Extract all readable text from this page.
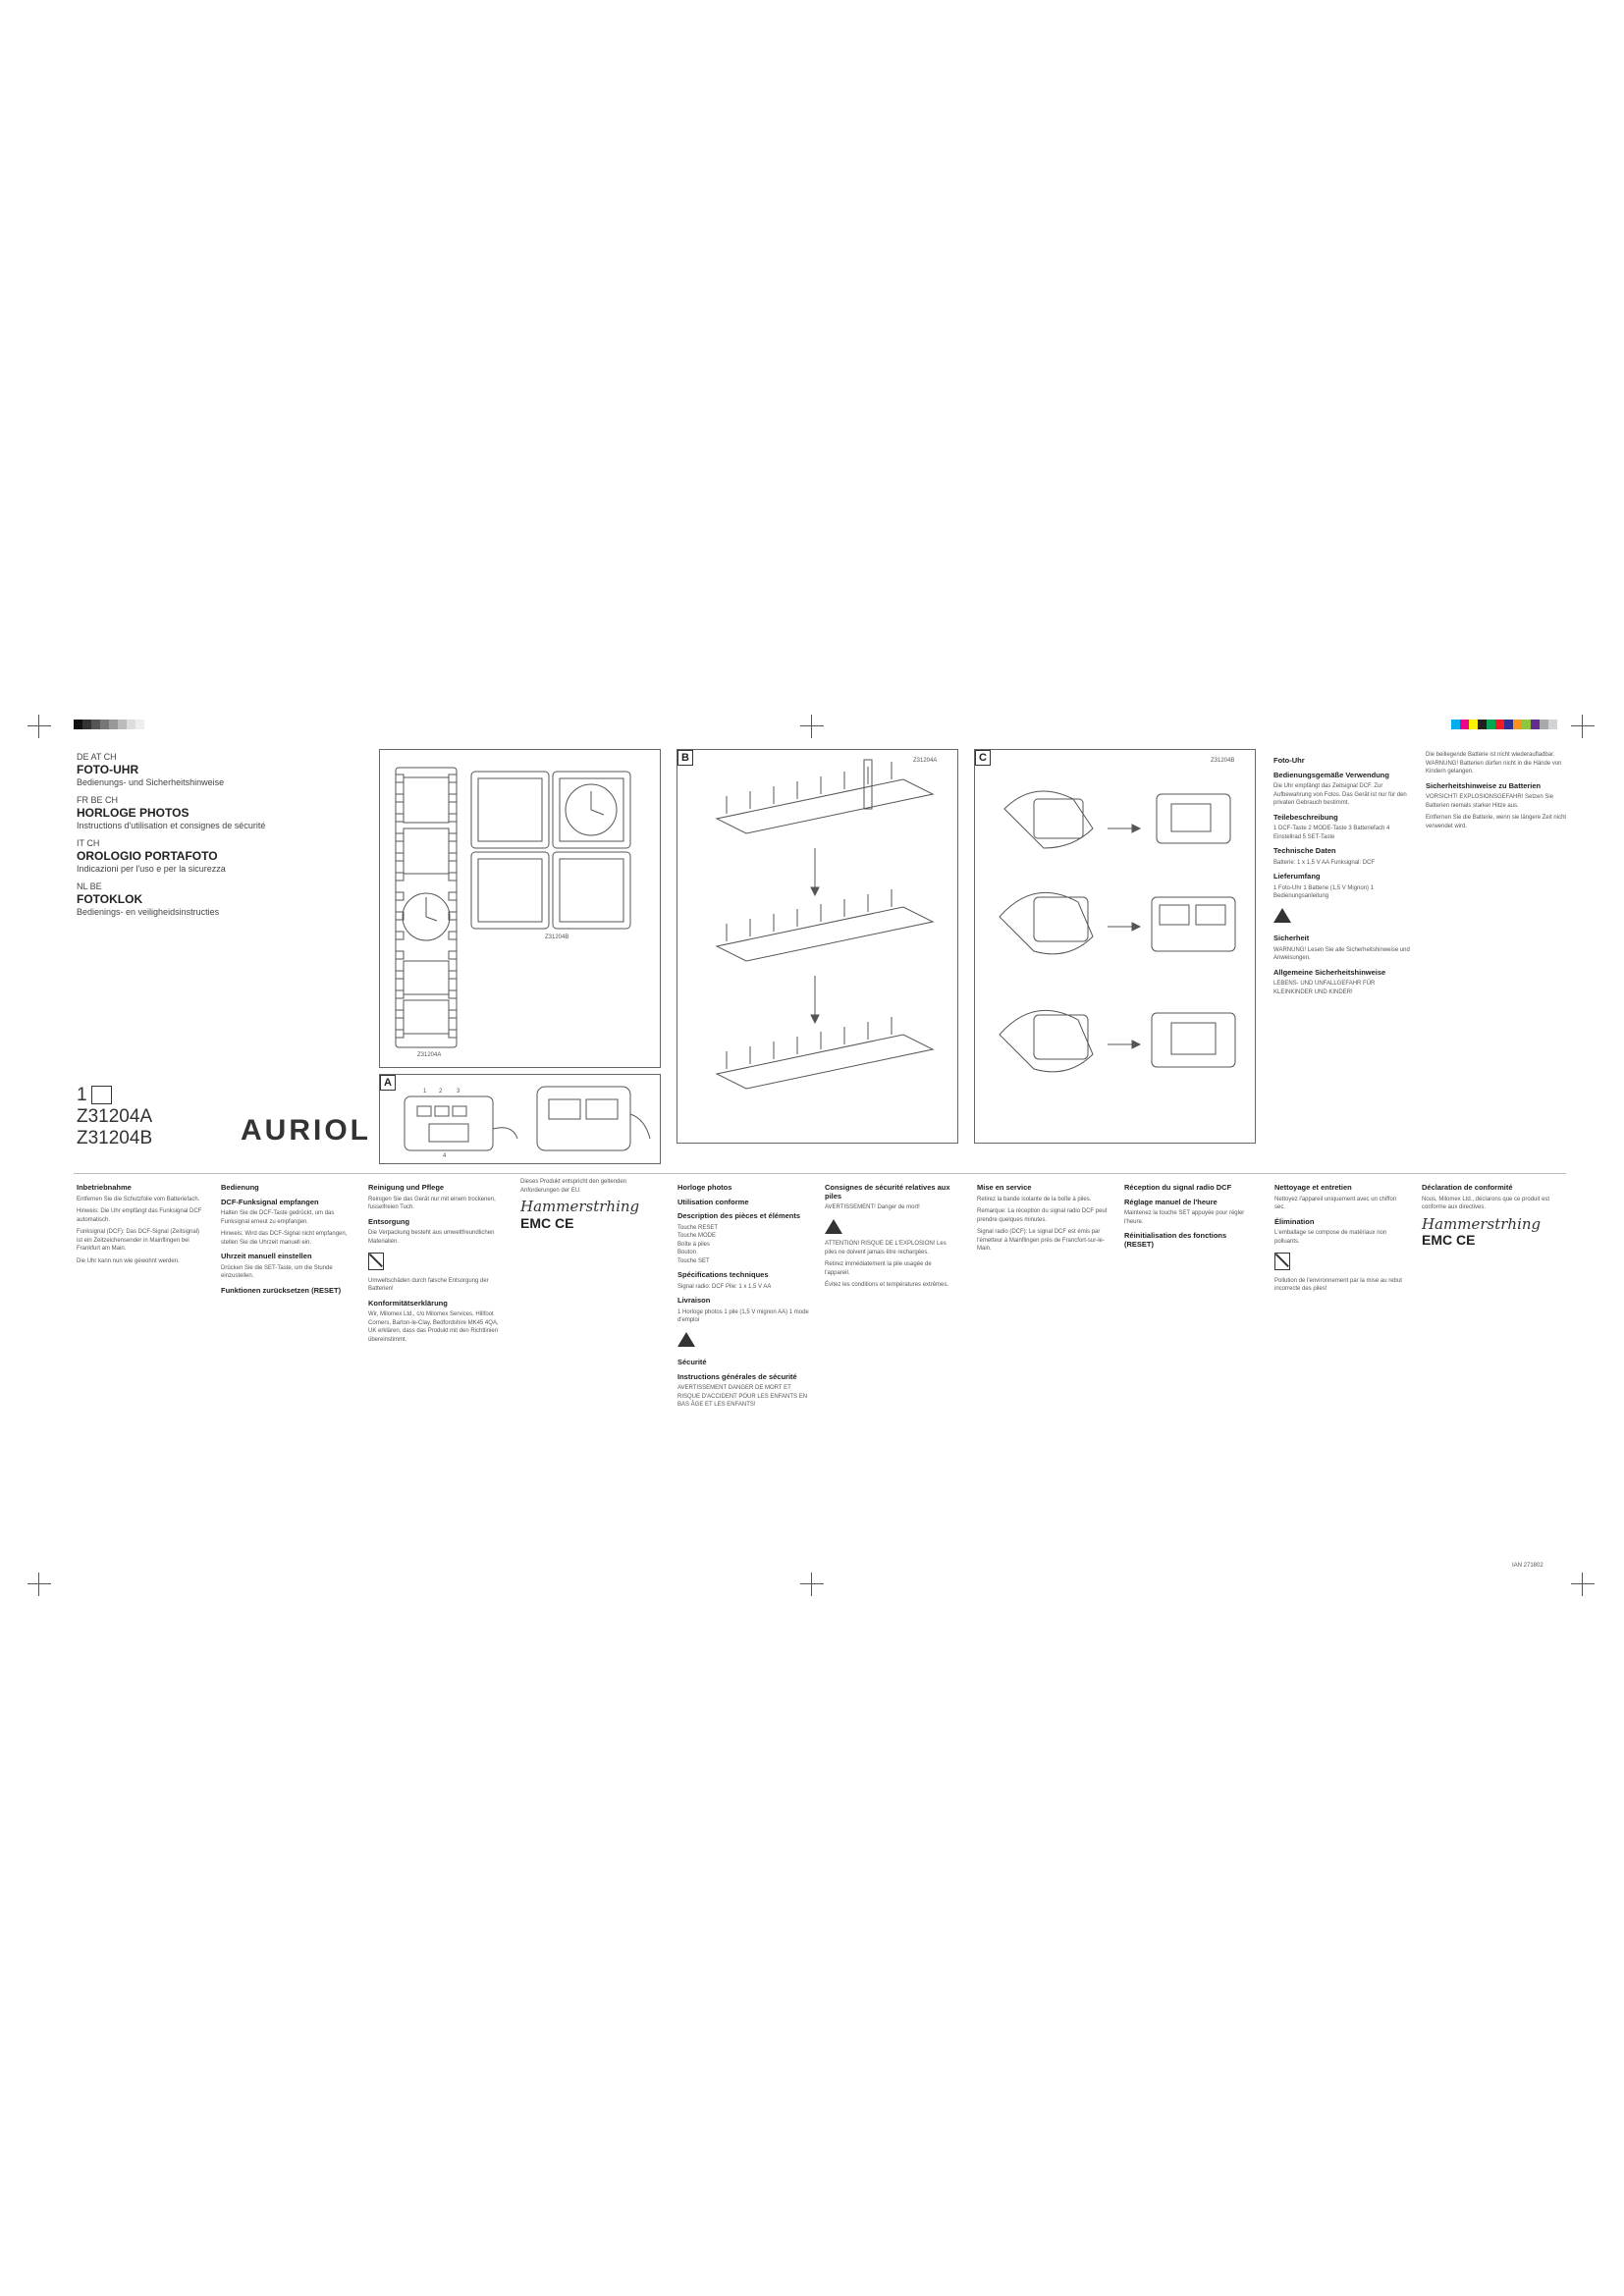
DE AT CH
FOTO-UHR
Bedienungs- und Sicherheitshinweise
FR BE CH
HORLOGE PHOTOS
Instructions d'utilisation et consignes de sécurité
IT CH
OROLOGIO PORTAFOTO
Indicazioni per l'uso e per la sicurezza
NL BE
FOTOKLOK
Bedienings- en veiligheidsinstructies
1
Z31204A
Z31204B	AURIOL
Z31204A
Z31204B
A
1 2 3
4
B	Z31204A	C	Z31204B	Foto-Uhr
Bedienungsgemäße Verwendung
Die Uhr empfängt das Zeitsignal DCF. Zur Aufbewahrung von Fotos. Das Gerät ist nur für den privaten Gebrauch bestimmt.
Teilebeschreibung
1 DCF-Taste 2 MODE-Taste 3 Batteriefach 4 Einstellrad 5 SET-Taste
Technische Daten
Batterie: 1 x 1,5 V AA Funksignal: DCF
Lieferumfang
1 Foto-Uhr 1 Batterie (1,5 V Mignon) 1 Bedienungsanleitung
Sicherheit
WARNUNG! Lesen Sie alle Sicherheitshinweise und Anweisungen.
Allgemeine Sicherheitshinweise
LEBENS- UND UNFALLGEFAHR FÜR KLEINKINDER UND KINDER!
Die beiliegende Batterie ist nicht wiederaufladbar. WARNUNG! Batterien dürfen nicht in die Hände von Kindern gelangen.
Sicherheitshinweise zu Batterien
VORSICHT! EXPLOSIONSGEFAHR! Setzen Sie Batterien niemals starker Hitze aus.
Entfernen Sie die Batterie, wenn sie längere Zeit nicht verwendet wird.
Inbetriebnahme
Entfernen Sie die Schutzfolie vom Batteriefach.
Hinweis: Die Uhr empfängt das Funksignal DCF automatisch.
Funksignal (DCF): Das DCF-Signal (Zeitsignal) ist ein Zeitzeichensender in Mainflingen bei Frankfurt am Main.
Die Uhr kann nun wie gewohnt werden.
Bedienung
DCF-Funksignal empfangen
Halten Sie die DCF-Taste gedrückt, um das Funksignal erneut zu empfangen.
Hinweis: Wird das DCF-Signal nicht empfangen, stellen Sie die Uhrzeit manuell ein.
Uhrzeit manuell einstellen
Drücken Sie die SET-Taste, um die Stunde einzustellen.
Funktionen zurücksetzen (RESET)
Reinigung und Pflege
Reinigen Sie das Gerät nur mit einem trockenen, fusselfreien Tuch.
Entsorgung
Die Verpackung besteht aus umweltfreundlichen Materialien.
Umweltschäden durch falsche Entsorgung der Batterien!
Konformitätserklärung
Wir, Milomex Ltd., c/o Milomex Services, Hillfoot Corners, Barton-le-Clay, Bedfordshire MK45 4QA, UK erklären, dass das Produkt mit den Richtlinien übereinstimmt.
Dieses Produkt entspricht den geltenden Anforderungen der EU.
Hammerstrhing
EMC CE
Horloge photos
Utilisation conforme
Description des pièces et éléments
Touche RESET
Touche MODE
Boîte à piles
Bouton
Touche SET
Spécifications techniques
Signal radio: DCF Pile: 1 x 1,5 V AA
Livraison
1 Horloge photos 1 pile (1,5 V mignon AA) 1 mode d'emploi
Sécurité
Instructions générales de sécurité
AVERTISSEMENT DANGER DE MORT ET RISQUE D'ACCIDENT POUR LES ENFANTS EN BAS ÂGE ET LES ENFANTS!
Consignes de sécurité relatives aux piles
AVERTISSEMENT! Danger de mort!
ATTENTION! RISQUE DE L'EXPLOSION! Les piles ne doivent jamais être rechargées.
Retirez immédiatement la pile usagée de l'appareil.
Évitez les conditions et températures extrêmes.
Mise en service
Retirez la bande isolante de la boîte à piles.
Remarque: La réception du signal radio DCF peut prendre quelques minutes.
Signal radio (DCF): Le signal DCF est émis par l'émetteur à Mainflingen près de Francfort-sur-le-Main.
Réception du signal radio DCF
Réglage manuel de l'heure
Maintenez la touche SET appuyée pour régler l'heure.
Réinitialisation des fonctions (RESET)
Nettoyage et entretien
Nettoyez l'appareil uniquement avec un chiffon sec.
Élimination
L'emballage se compose de matériaux non polluants.
Pollution de l'environnement par la mise au rebut incorrecte des piles!
Déclaration de conformité
Nous, Milomex Ltd., déclarons que ce produit est conforme aux directives.
Hammerstrhing
EMC CE
IAN 271802
